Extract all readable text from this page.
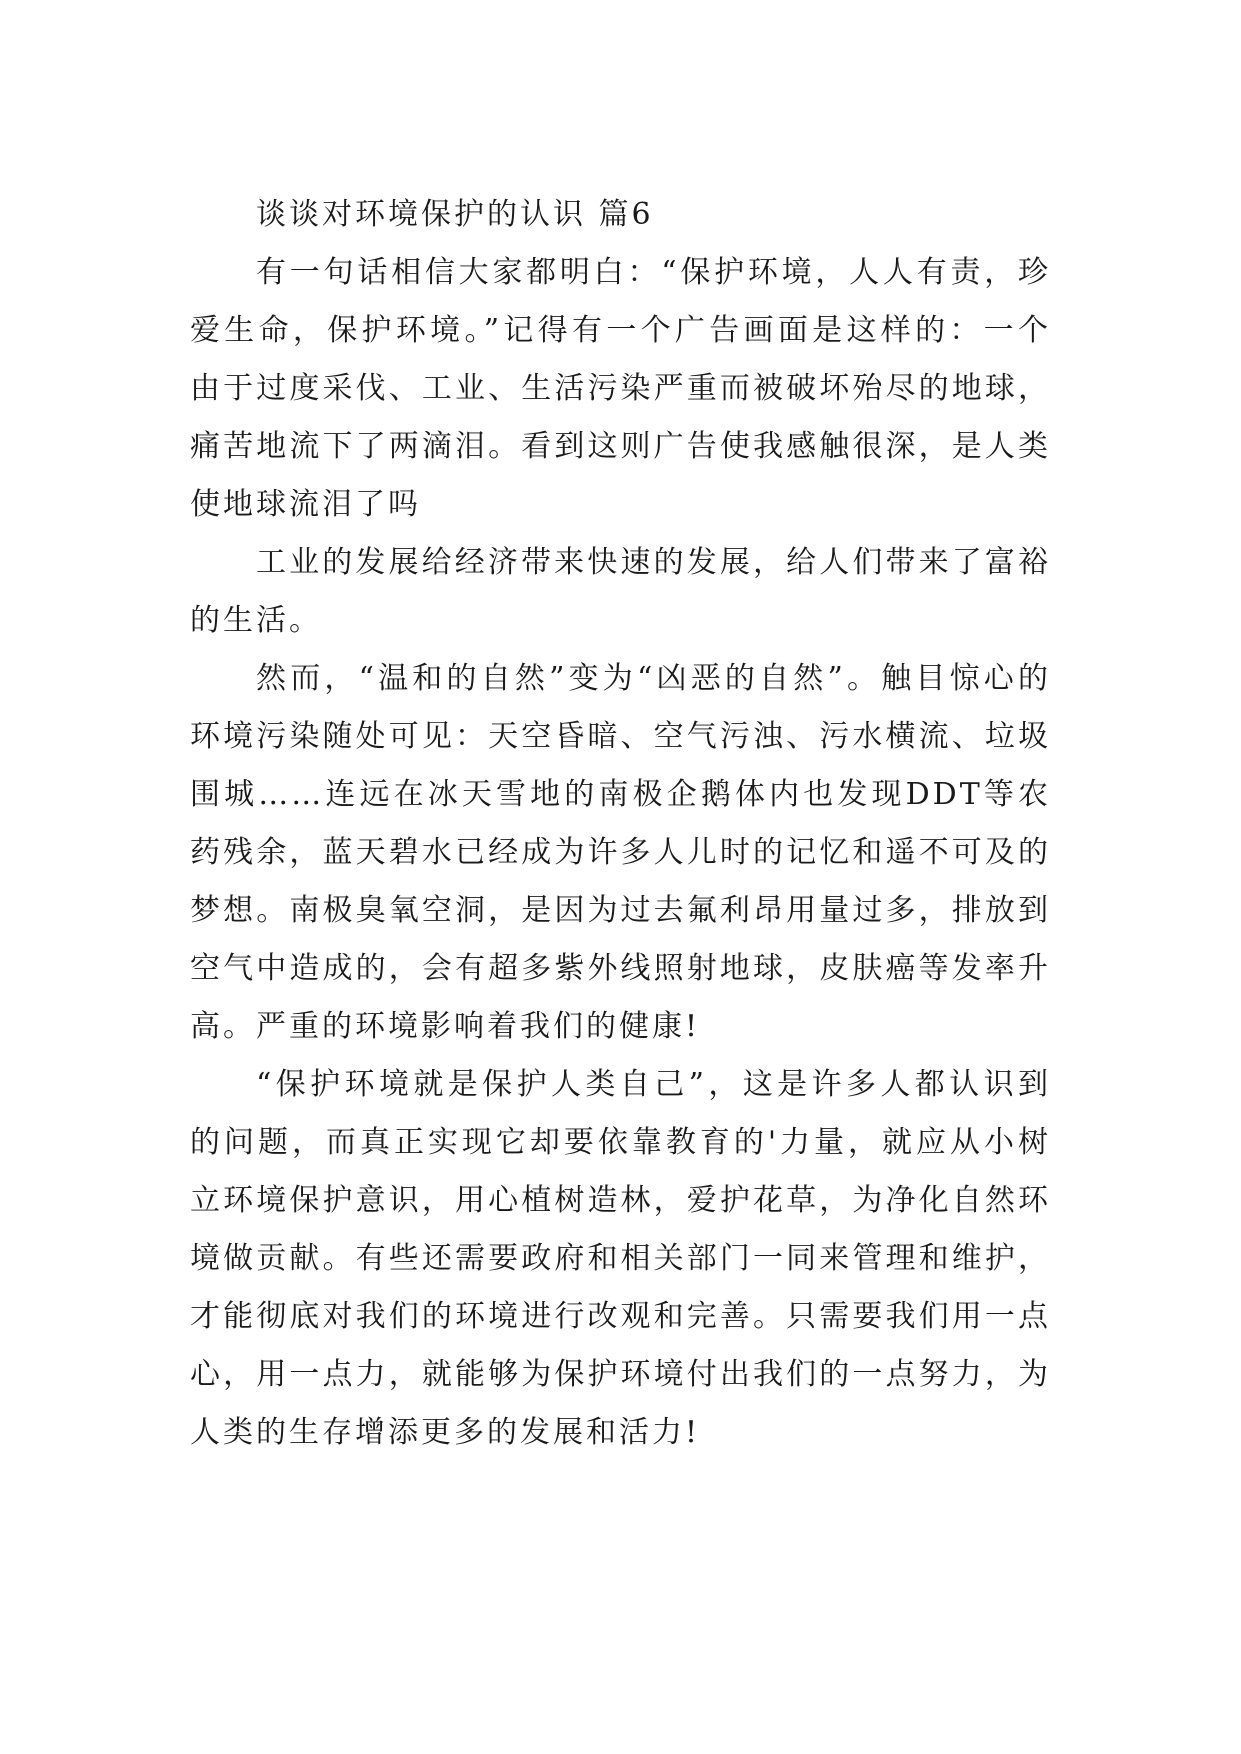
谈谈对环境保护的认识 篇6

有一句话相信大家都明白：“保护环境，人人有责，珍爱生命，保护环境。”记得有一个广告画面是这样的：一个由于过度采伐、工业、生活污染严重而被破坏殆尽的地球，痛苦地流下了两滴泪。看到这则广告使我感触很深，是人类使地球流泪了吗

工业的发展给经济带来快速的发展，给人们带来了富裕的生活。

然而，“温和的自然”变为“凶恶的自然”。触目惊心的环境污染随处可见：天空昏暗、空气污浊、污水横流、垃圾围城……连远在冰天雪地的南极企鹅体内也发现DDT等农药残余，蓝天碧水已经成为许多人儿时的记忆和遥不可及的梦想。南极臭氧空洞，是因为过去氟利昂用量过多，排放到空气中造成的，会有超多紫外线照射地球，皮肤癌等发率升高。严重的环境影响着我们的健康!

“保护环境就是保护人类自己”，这是许多人都认识到的问题，而真正实现它却要依靠教育的'力量，就应从小树立环境保护意识，用心植树造林，爱护花草，为净化自然环境做贡献。有些还需要政府和相关部门一同来管理和维护，才能彻底对我们的环境进行改观和完善。只需要我们用一点心，用一点力，就能够为保护环境付出我们的一点努力，为人类的生存增添更多的发展和活力!
